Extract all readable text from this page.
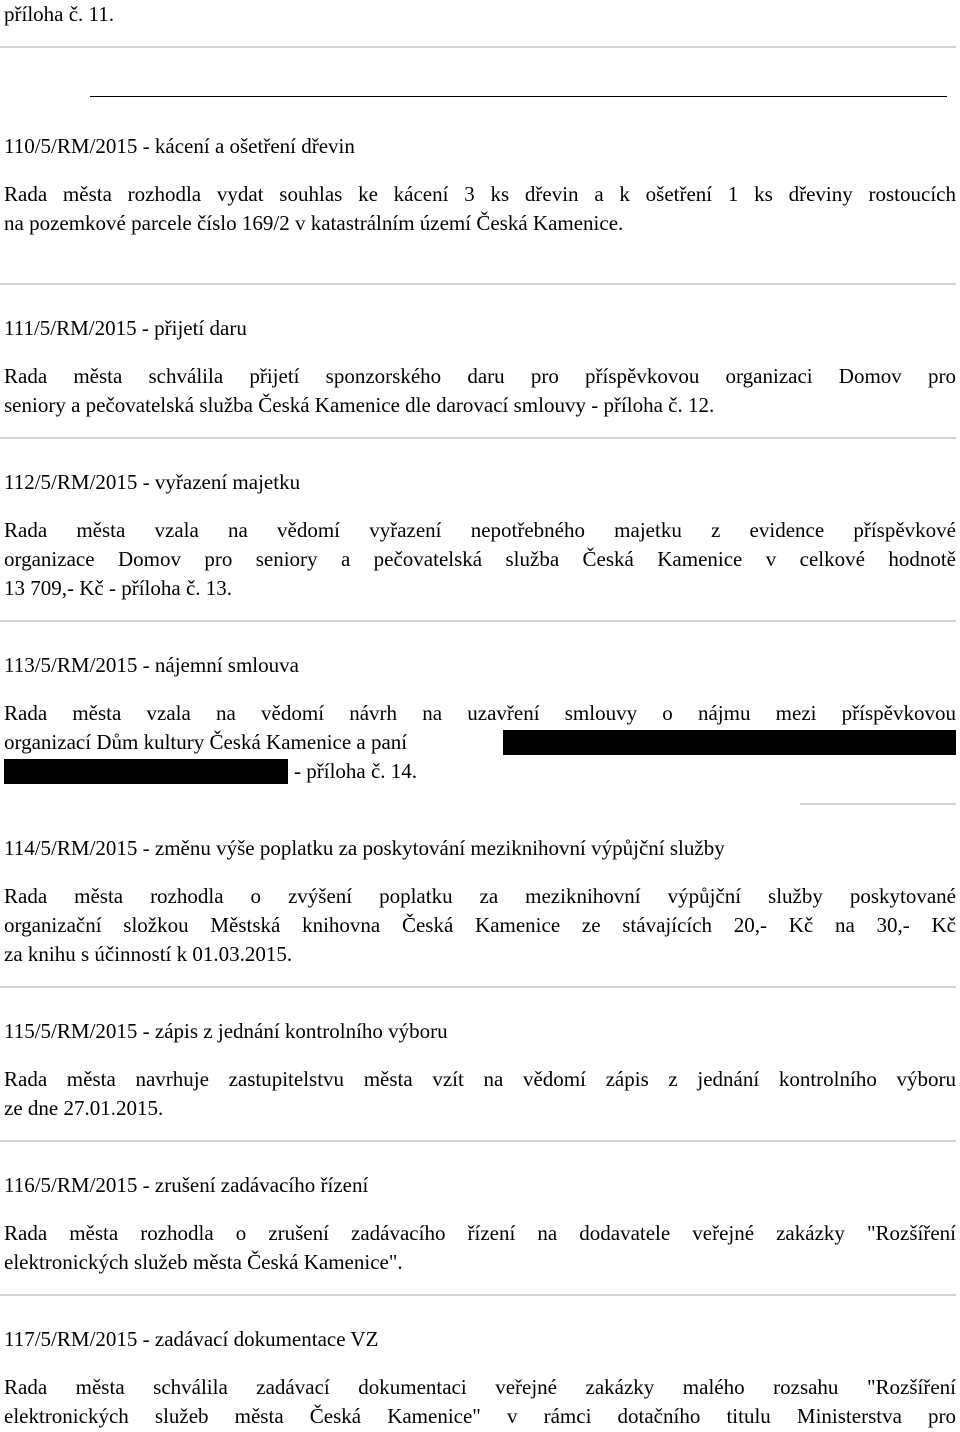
příloha č. 11.
110/5/RM/2015 - kácení a ošetření dřevin
Rada města rozhodla vydat souhlas ke kácení 3 ks dřevin a k ošetření 1 ks dřeviny rostoucích
na pozemkové parcele číslo 169/2 v katastrálním území Česká Kamenice.
111/5/RM/2015 - přijetí daru
Rada města schválila přijetí sponzorského daru pro příspěvkovou organizaci Domov pro
seniory a pečovatelská služba Česká Kamenice dle darovací smlouvy - příloha č. 12.
112/5/RM/2015 - vyřazení majetku
Rada města vzala na vědomí vyřazení nepotřebného majetku z evidence příspěvkové
organizace Domov pro seniory a pečovatelská služba Česká Kamenice v celkové hodnotě
13 709,- Kč - příloha č. 13.
113/5/RM/2015 - nájemní smlouva
Rada města vzala na vědomí návrh na uzavření smlouvy o nájmu mezi příspěvkovou
organizací Dům kultury Česká Kamenice a paní
- příloha č. 14.
114/5/RM/2015 - změnu výše poplatku za poskytování meziknihovní výpůjční služby
Rada města rozhodla o zvýšení poplatku za meziknihovní výpůjční služby poskytované
organizační složkou Městská knihovna Česká Kamenice ze stávajících 20,- Kč na 30,- Kč
za knihu s účinností k 01.03.2015.
115/5/RM/2015 - zápis z jednání kontrolního výboru
Rada města navrhuje zastupitelstvu města vzít na vědomí zápis z jednání kontrolního výboru
ze dne 27.01.2015.
116/5/RM/2015 - zrušení zadávacího řízení
Rada města rozhodla o zrušení zadávacího řízení na dodavatele veřejné zakázky "Rozšíření
elektronických služeb města Česká Kamenice".
117/5/RM/2015 - zadávací dokumentace VZ
Rada města schválila zadávací dokumentaci veřejné zakázky malého rozsahu "Rozšíření
elektronických služeb města Česká Kamenice" v rámci dotačního titulu Ministerstva pro
